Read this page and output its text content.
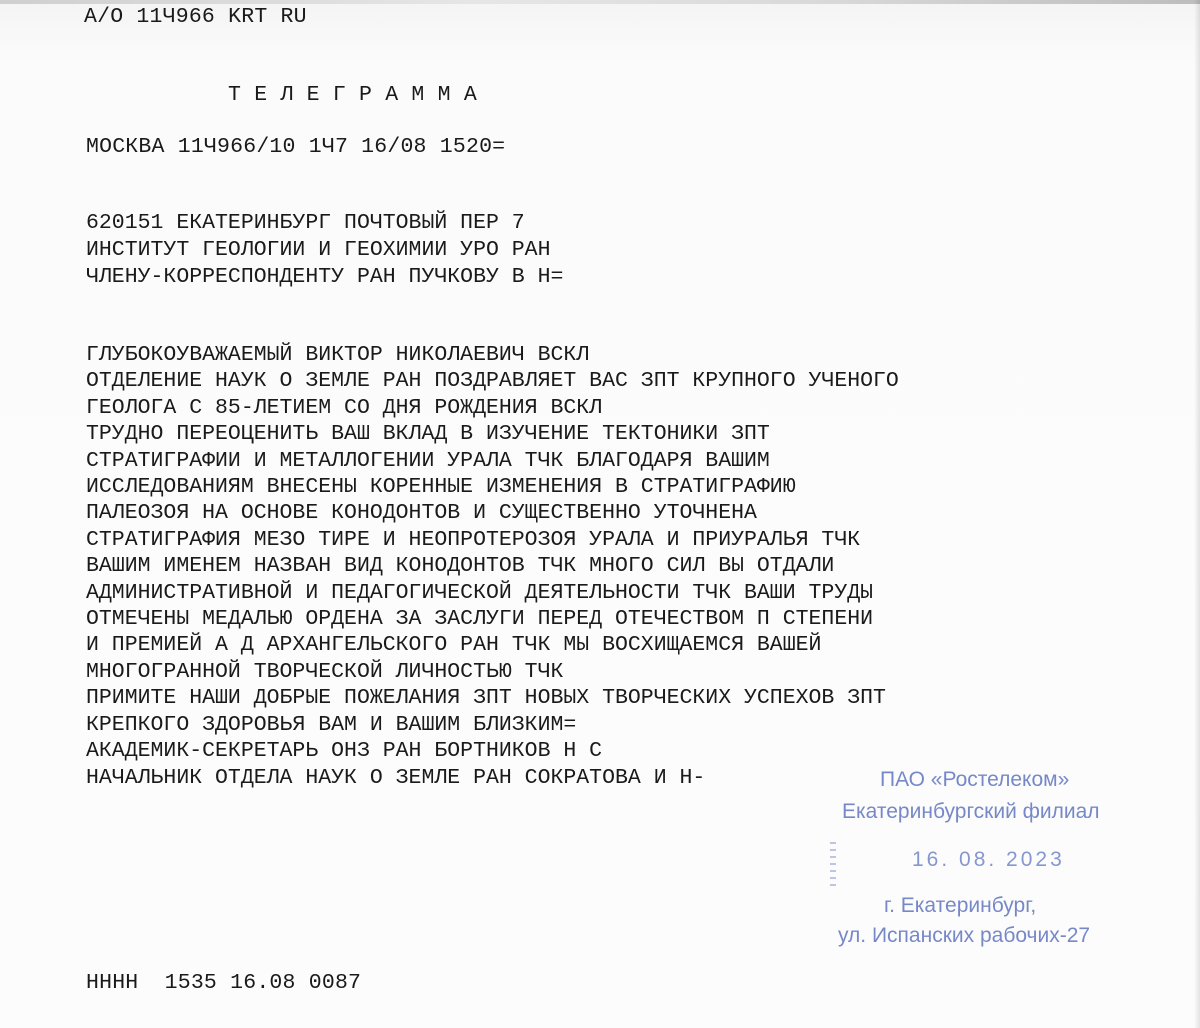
A/O 11Ч966 KRT RU

Т Е Л Е Г Р А М М А

МОСКВА 11Ч966/10 1Ч7 16/08 1520=

620151 ЕКАТЕРИНБУРГ ПОЧТОВЫЙ ПЕР 7
ИНСТИТУТ ГЕОЛОГИИ И ГЕОХИМИИ УРО РАН
ЧЛЕНУ-КОРРЕСПОНДЕНТУ РАН ПУЧКОВУ В Н=
ГЛУБОКОУВАЖАЕМЫЙ ВИКТОР НИКОЛАЕВИЧ ВСКЛ
ОТДЕЛЕНИЕ НАУК О ЗЕМЛЕ РАН ПОЗДРАВЛЯЕТ ВАС ЗПТ КРУПНОГО УЧЕНОГО
ГЕОЛОГА С 85-ЛЕТИЕМ СО ДНЯ РОЖДЕНИЯ ВСКЛ
ТРУДНО ПЕРЕОЦЕНИТЬ ВАШ ВКЛАД В ИЗУЧЕНИЕ ТЕКТОНИКИ ЗПТ
СТРАТИГРАФИИ И МЕТАЛЛОГЕНИИ УРАЛА ТЧК БЛАГОДАРЯ ВАШИМ
ИССЛЕДОВАНИЯМ ВНЕСЕНЫ КОРЕННЫЕ ИЗМЕНЕНИЯ В СТРАТИГРАФИЮ
ПАЛЕОЗОЯ НА ОСНОВЕ КОНОДОНТОВ И СУЩЕСТВЕННО УТОЧНЕНА
СТРАТИГРАФИЯ МЕЗО ТИРЕ И НЕОПРОТЕРОЗОЯ УРАЛА И ПРИУРАЛЬЯ ТЧК
ВАШИМ ИМЕНЕМ НАЗВАН ВИД КОНОДОНТОВ ТЧК МНОГО СИЛ ВЫ ОТДАЛИ
АДМИНИСТРАТИВНОЙ И ПЕДАГОГИЧЕСКОЙ ДЕЯТЕЛЬНОСТИ ТЧК ВАШИ ТРУДЫ
ОТМЕЧЕНЫ МЕДАЛЬЮ ОРДЕНА ЗА ЗАСЛУГИ ПЕРЕД ОТЕЧЕСТВОМ П СТЕПЕНИ
И ПРЕМИЕЙ А Д АРХАНГЕЛЬСКОГО РАН ТЧК МЫ ВОСХИЩАЕМСЯ ВАШЕЙ
МНОГОГРАННОЙ ТВОРЧЕСКОЙ ЛИЧНОСТЬЮ ТЧК
ПРИМИТЕ НАШИ ДОБРЫЕ ПОЖЕЛАНИЯ ЗПТ НОВЫХ ТВОРЧЕСКИХ УСПЕХОВ ЗПТ
КРЕПКОГО ЗДОРОВЬЯ ВАМ И ВАШИМ БЛИЗКИМ=
АКАДЕМИК-СЕКРЕТАРЬ ОНЗ РАН БОРТНИКОВ Н С
НАЧАЛЬНИК ОТДЕЛА НАУК О ЗЕМЛЕ РАН СОКРАТОВА И Н-	ПАО «Ростелеком»
Екатеринбургский филиал
16. 08. 2023
г. Екатеринбург,
ул. Испанских рабочих-27

НННН  1535 16.08 0087
